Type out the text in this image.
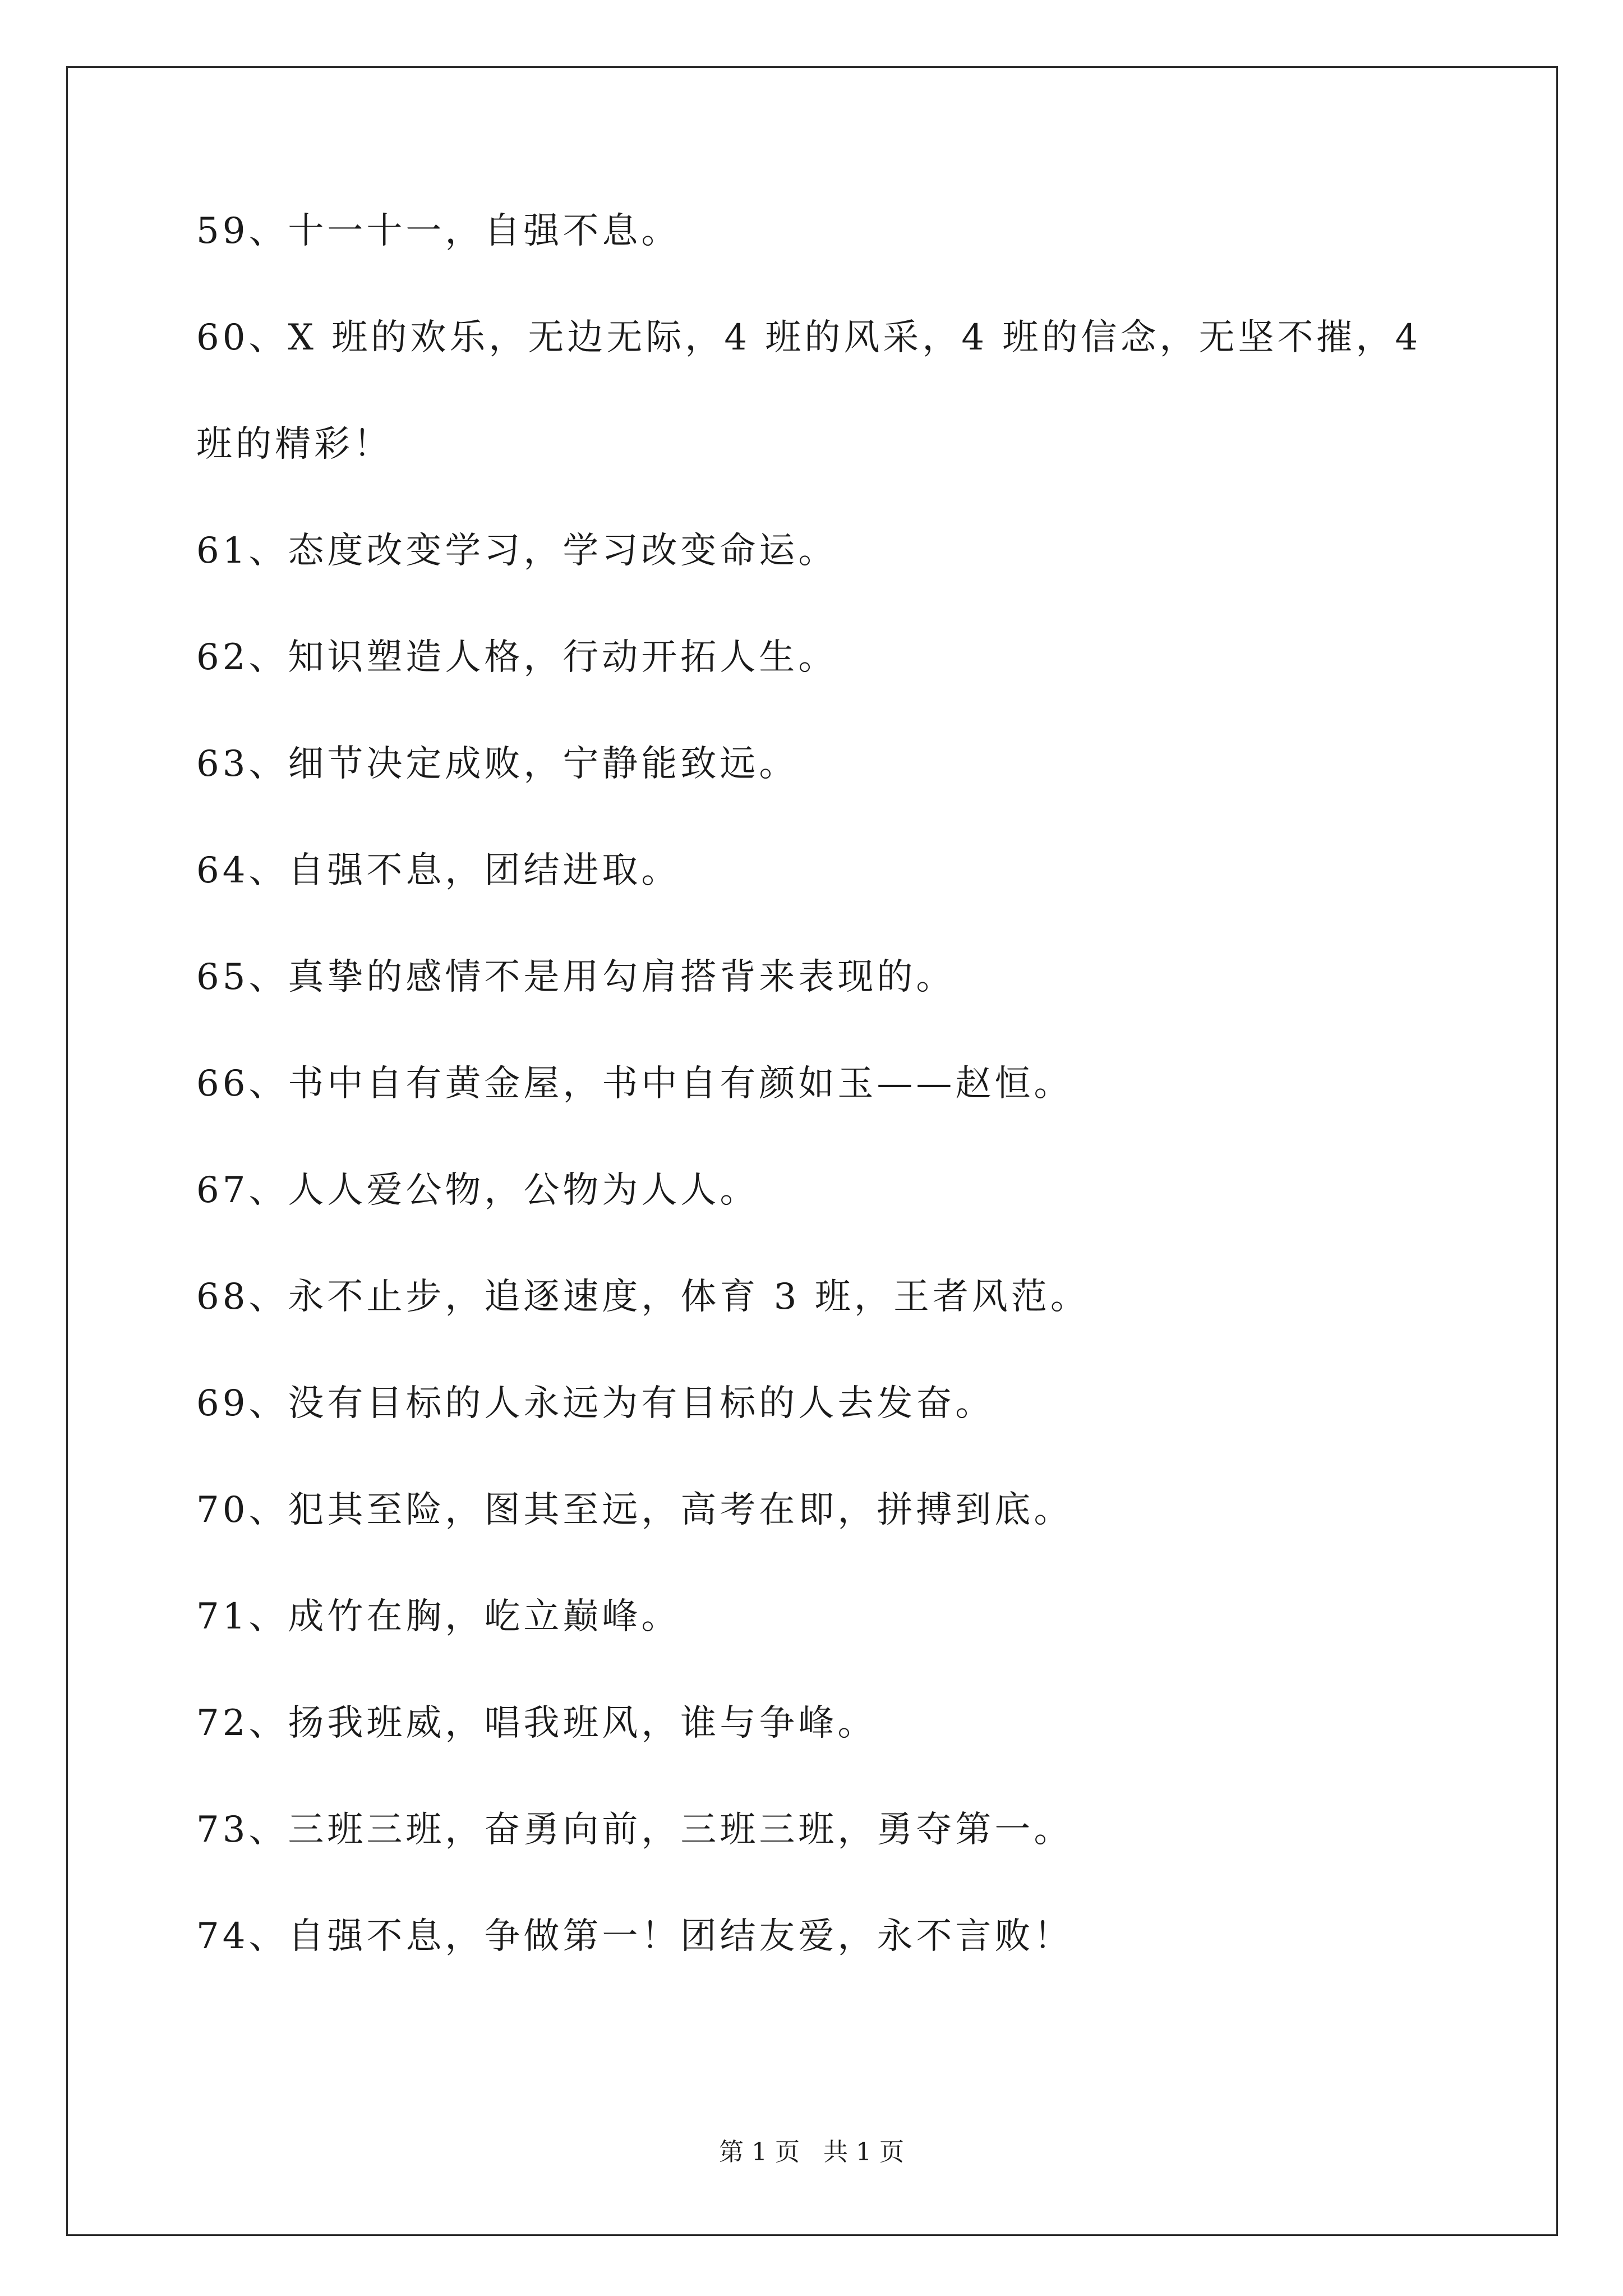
59、十一十一，自强不息。
60、X 班的欢乐，无边无际，4 班的风采，4 班的信念，无坚不摧，4
班的精彩！
61、态度改变学习，学习改变命运。
62、知识塑造人格，行动开拓人生。
63、细节决定成败，宁静能致远。
64、自强不息，团结进取。
65、真挚的感情不是用勾肩搭背来表现的。
66、书中自有黄金屋，书中自有颜如玉——赵恒。
67、人人爱公物，公物为人人。
68、永不止步，追逐速度，体育 3 班，王者风范。
69、没有目标的人永远为有目标的人去发奋。
70、犯其至险，图其至远，高考在即，拼搏到底。
71、成竹在胸，屹立巅峰。
72、扬我班威，唱我班风，谁与争峰。
73、三班三班，奋勇向前，三班三班，勇夺第一。
74、自强不息，争做第一！团结友爱，永不言败！
第 1 页 共 1 页
